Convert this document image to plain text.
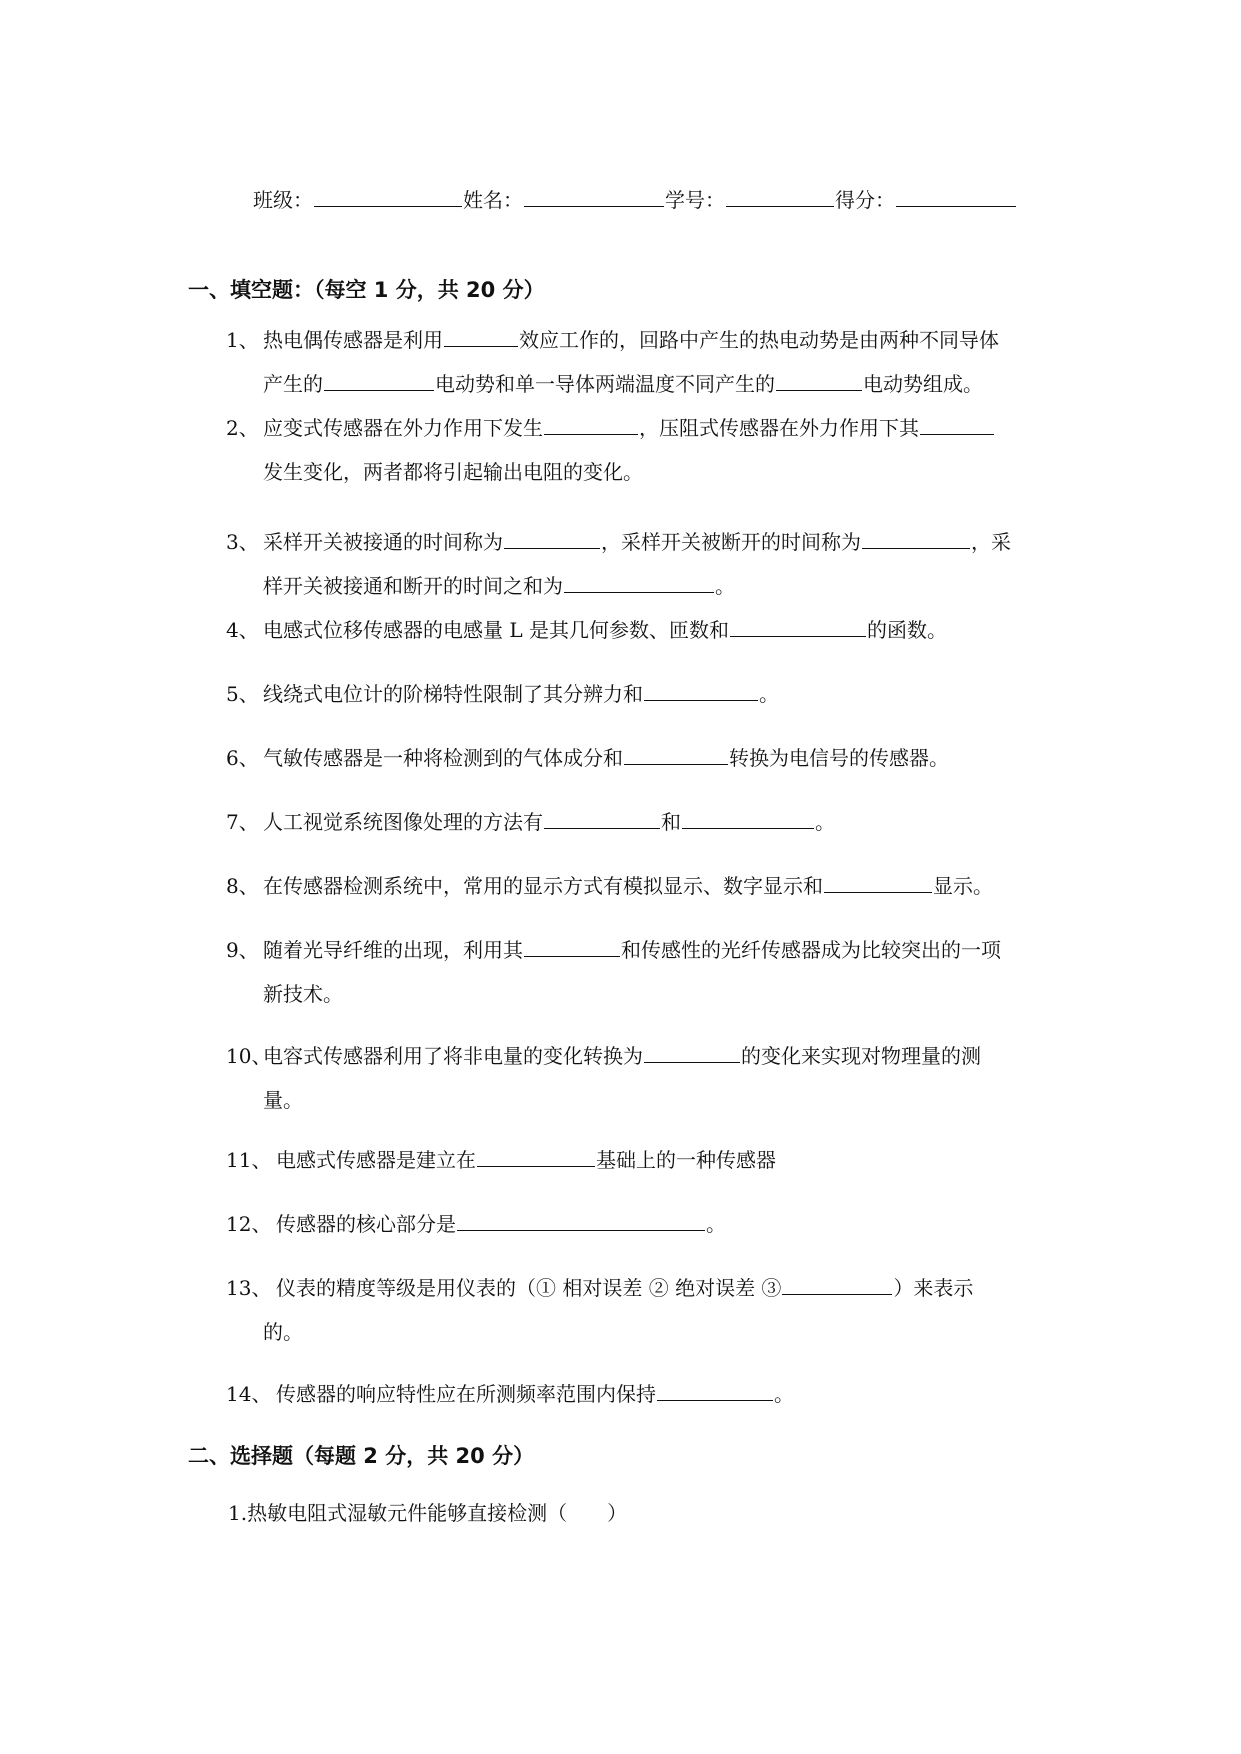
班级：	姓名：	学号：	得分：
一、填空题：（每空 1 分，共 20 分）
1、 热电偶传感器是利用	效应工作的，回路中产生的热电动势是由两种不同导体
产生的	电动势和单一导体两端温度不同产生的	电动势组成。
2、 应变式传感器在外力作用下发生	，压阻式传感器在外力作用下其
发生变化，两者都将引起输出电阻的变化。
3、 采样开关被接通的时间称为	，采样开关被断开的时间称为	，采
样开关被接通和断开的时间之和为	。
4、 电感式位移传感器的电感量 L 是其几何参数、匝数和	的函数。
5、 线绕式电位计的阶梯特性限制了其分辨力和	。
6、 气敏传感器是一种将检测到的气体成分和	转换为电信号的传感器。
7、 人工视觉系统图像处理的方法有	和	。
8、 在传感器检测系统中，常用的显示方式有模拟显示、数字显示和	显示。
9、 随着光导纤维的出现，利用其	和传感性的光纤传感器成为比较突出的一项
新技术。
10、电容式传感器利用了将非电量的变化转换为	的变化来实现对物理量的测
量。
11、 电感式传感器是建立在	基础上的一种传感器
12、 传感器的核心部分是	。
13、 仪表的精度等级是用仪表的（① 相对误差 ② 绝对误差 ③	）来表示
的。
14、 传感器的响应特性应在所测频率范围内保持	。
二、选择题（每题 2 分，共 20 分）
1.热敏电阻式湿敏元件能够直接检测（　　）
